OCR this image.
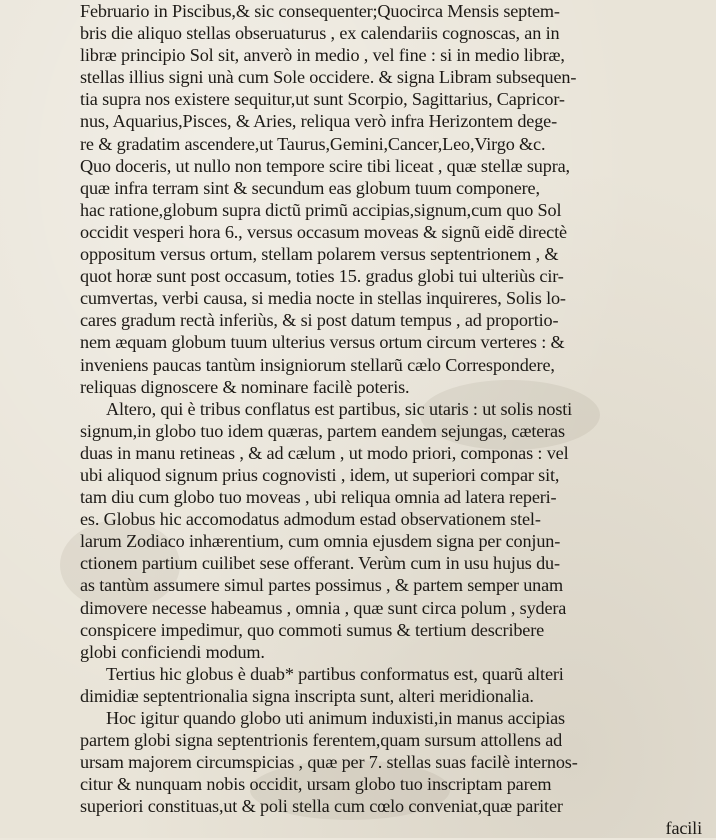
Februario in Piscibus,& sic consequenter;Quocirca Mensis septem-
bris die aliquo stellas obseruaturus , ex calendariis cognoscas, an in
libræ principio Sol sit, anverò in medio , vel fine : si in medio libræ,
stellas illius signi unà cum Sole occidere. & signa Libram subsequen-
tia supra nos existere sequitur,ut sunt Scorpio, Sagittarius, Capricor-
nus, Aquarius,Pisces, & Aries, reliqua verò infra Herizontem dege-
re & gradatim ascendere,ut Taurus,Gemini,Cancer,Leo,Virgo &c.
Quo doceris, ut nullo non tempore scire tibi liceat , quæ stellæ supra,
quæ infra terram sint & secundum eas globum tuum componere,
hac ratione,globum supra dictũ primũ accipias,signum,cum quo Sol
occidit vesperi hora 6., versus occasum moveas & signũ eidẽ directè
oppositum versus ortum, stellam polarem versus septentrionem , &
quot horæ sunt post occasum, toties 15. gradus globi tui ulteriùs cir-
cumvertas, verbi causa, si media nocte in stellas inquireres, Solis lo-
cares gradum rectà inferiùs, & si post datum tempus , ad proportio-
nem æquam globum tuum ulterius versus ortum circum verteres : &
inveniens paucas tantùm insigniorum stellarũ cælo Correspondere,
reliquas dignoscere & nominare facilè poteris.
Altero, qui è tribus conflatus est partibus, sic utaris : ut solis nosti
signum,in globo tuo idem quæras, partem eandem sejungas, cæteras
duas in manu retineas , & ad cælum , ut modo priori, componas : vel
ubi aliquod signum prius cognovisti , idem, ut superiori compar sit,
tam diu cum globo tuo moveas , ubi reliqua omnia ad latera reperi-
es. Globus hic accomodatus admodum estad observationem stel-
larum Zodiaco inhærentium, cum omnia ejusdem signa per conjun-
ctionem partium cuilibet sese offerant. Verùm cum in usu hujus du-
as tantùm assumere simul partes possimus , & partem semper unam
dimovere necesse habeamus , omnia , quæ sunt circa polum , sydera
conspicere impedimur, quo commoti sumus & tertium describere
globi conficiendi modum.
Tertius hic globus è duab* partibus conformatus est, quarũ alteri
dimidiæ septentrionalia signa inscripta sunt, alteri meridionalia.
Hoc igitur quando globo uti animum induxisti,in manus accipias
partem globi signa septentrionis ferentem,quam sursum attollens ad
ursam majorem circumspicias , quæ per 7. stellas suas facilè internos-
citur & nunquam nobis occidit, ursam globo tuo inscriptam parem
superiori constituas,ut & poli stella cum cœlo conveniat,quæ pariter
facili
